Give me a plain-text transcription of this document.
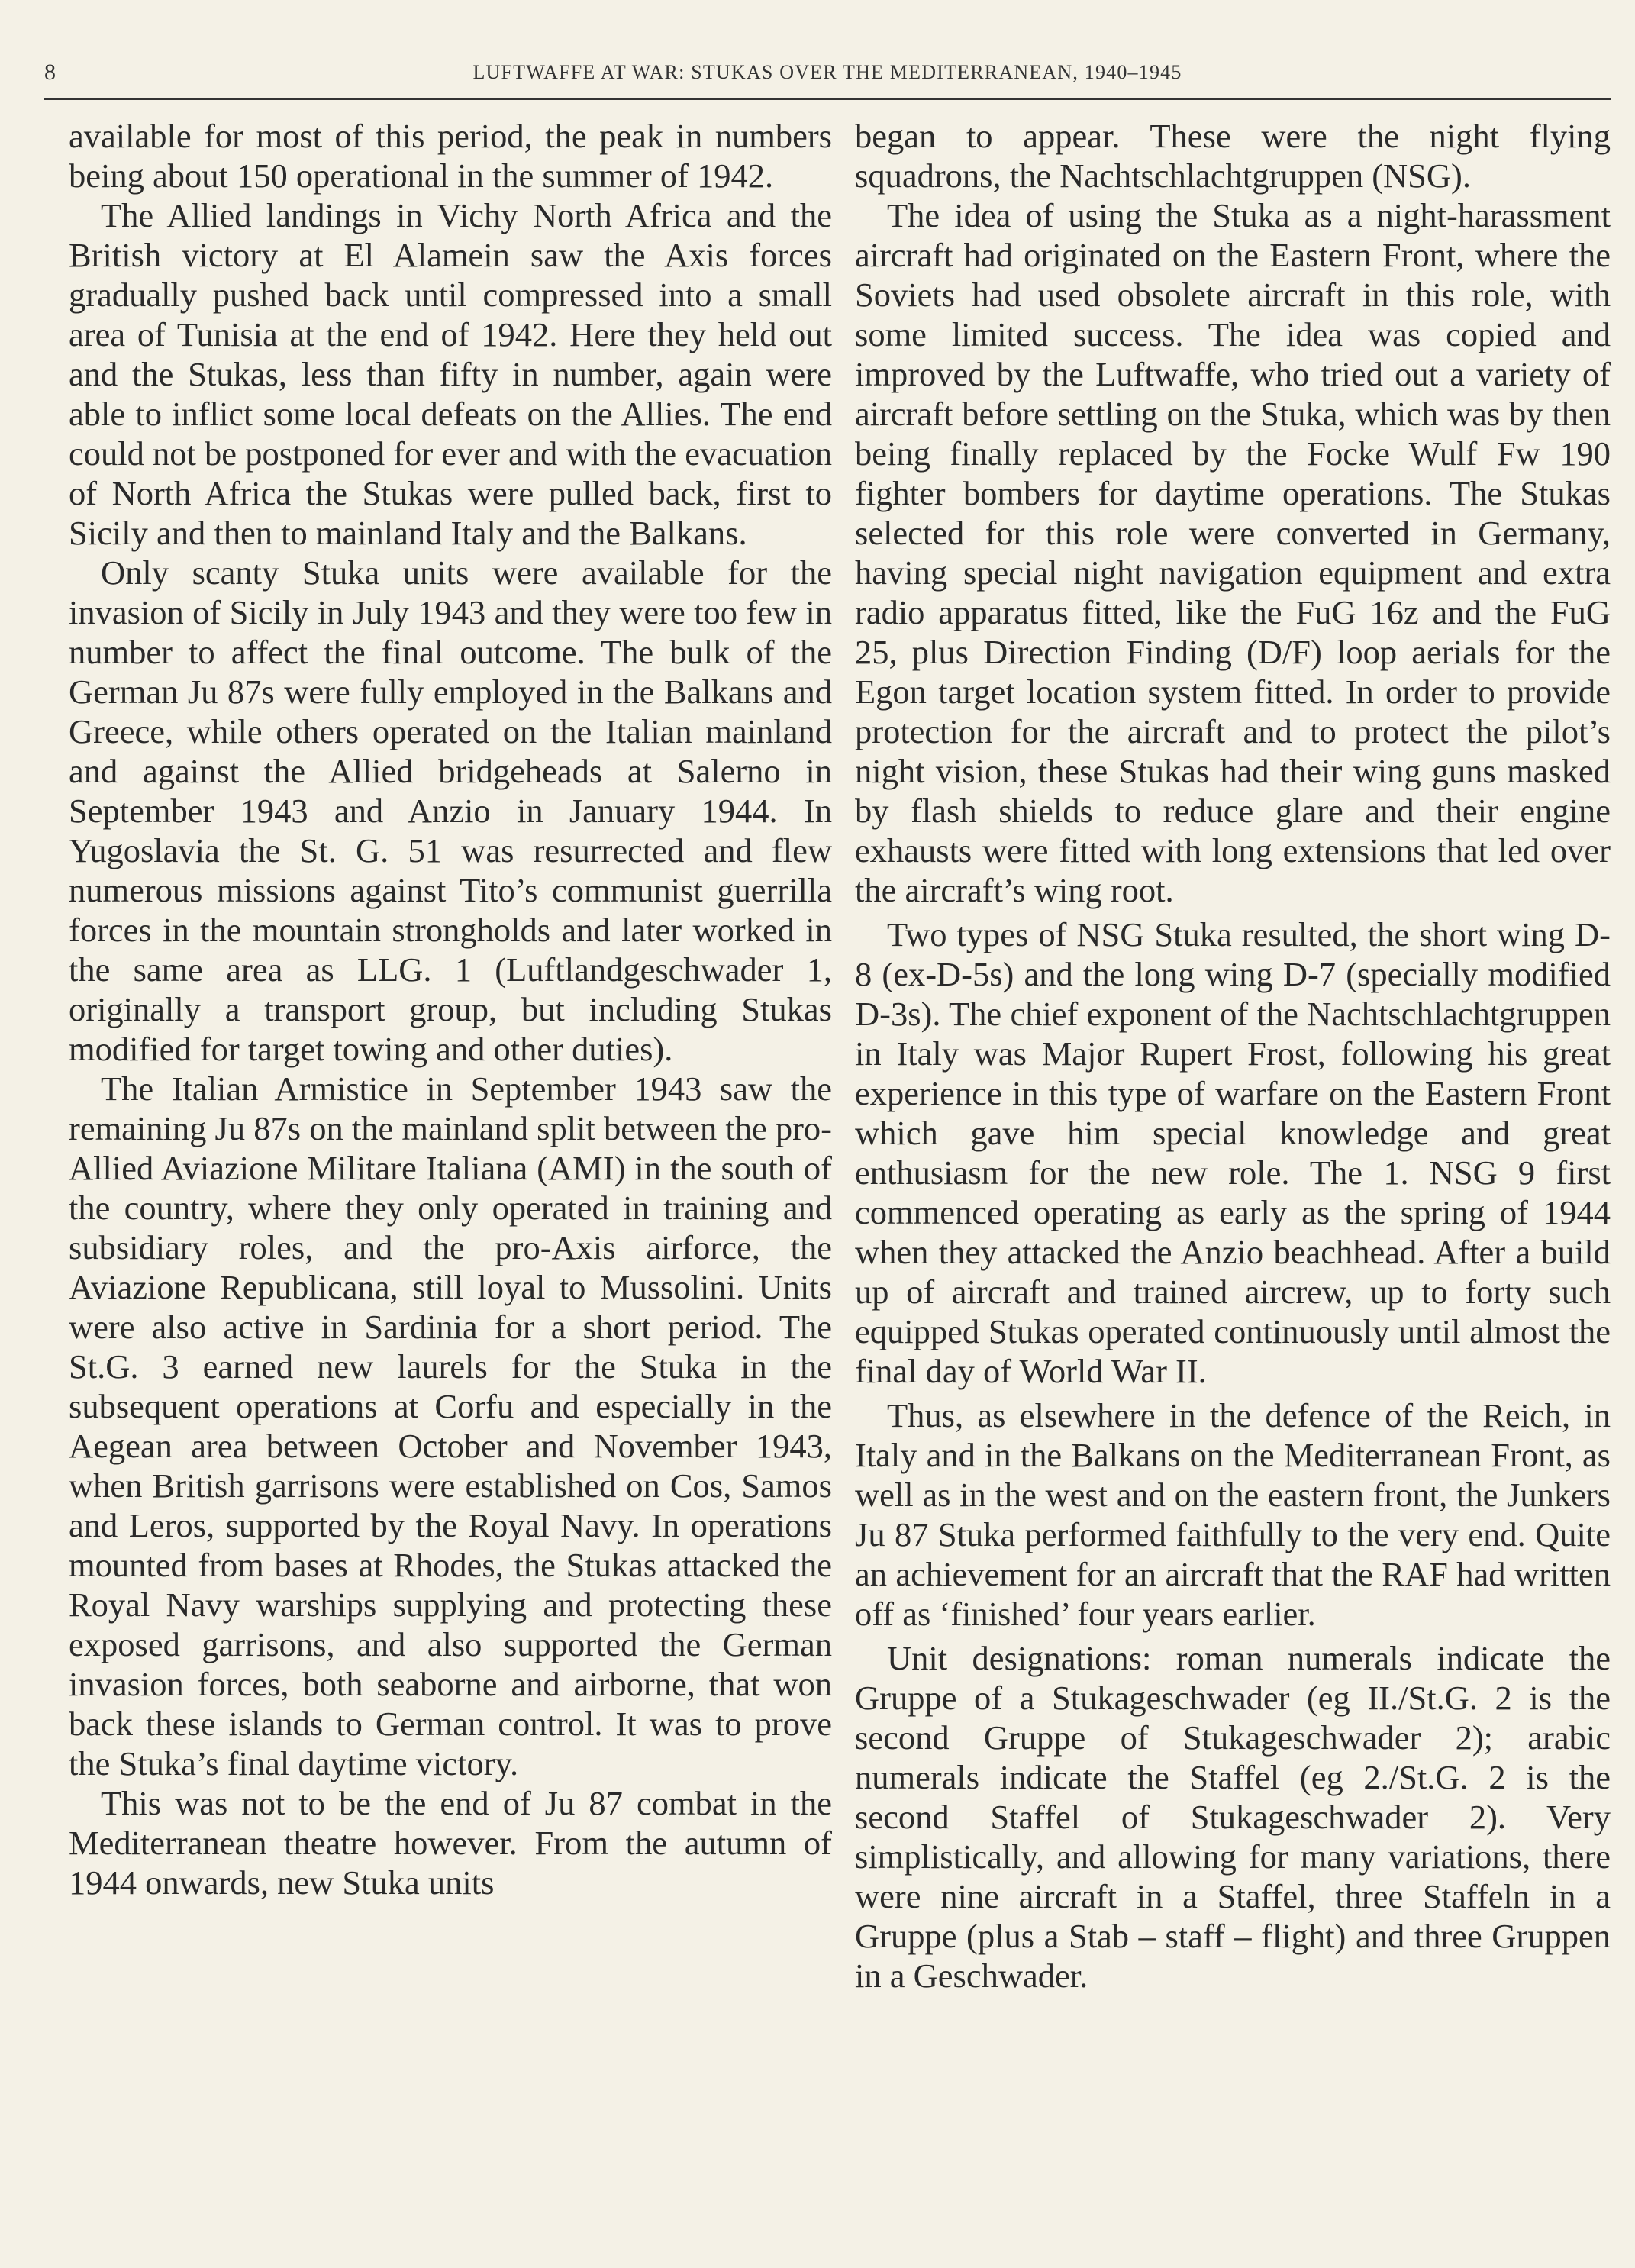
8	LUFTWAFFE AT WAR: STUKAS OVER THE MEDITERRANEAN, 1940–1945

available for most of this period, the peak in numbers being about 150 operational in the summer of 1942.

The Allied landings in Vichy North Africa and the British victory at El Alamein saw the Axis forces gradually pushed back until compressed into a small area of Tunisia at the end of 1942. Here they held out and the Stukas, less than fifty in number, again were able to inflict some local defeats on the Allies. The end could not be postponed for ever and with the evacuation of North Africa the Stukas were pulled back, first to Sicily and then to mainland Italy and the Balkans.

Only scanty Stuka units were available for the invasion of Sicily in July 1943 and they were too few in number to affect the final outcome. The bulk of the German Ju 87s were fully employed in the Balkans and Greece, while others operated on the Italian mainland and against the Allied bridgeheads at Salerno in September 1943 and Anzio in January 1944. In Yugoslavia the St. G. 51 was resurrected and flew numerous missions against Tito’s communist guerrilla forces in the mountain strongholds and later worked in the same area as LLG. 1 (Luftlandgeschwader 1, originally a transport group, but including Stukas modified for target towing and other duties).

The Italian Armistice in September 1943 saw the remaining Ju 87s on the mainland split between the pro-Allied Aviazione Militare Italiana (AMI) in the south of the country, where they only operated in training and subsidiary roles, and the pro-Axis airforce, the Aviazione Republicana, still loyal to Mussolini. Units were also active in Sardinia for a short period. The St.G. 3 earned new laurels for the Stuka in the subsequent operations at Corfu and especially in the Aegean area between October and November 1943, when British garrisons were established on Cos, Samos and Leros, supported by the Royal Navy. In operations mounted from bases at Rhodes, the Stukas attacked the Royal Navy warships supplying and protecting these exposed garrisons, and also supported the German invasion forces, both seaborne and airborne, that won back these islands to German control. It was to prove the Stuka’s final daytime victory.

This was not to be the end of Ju 87 combat in the Mediterranean theatre however. From the autumn of 1944 onwards, new Stuka units

began to appear. These were the night flying squadrons, the Nachtschlachtgruppen (NSG).

The idea of using the Stuka as a night-harassment aircraft had originated on the Eastern Front, where the Soviets had used obsolete aircraft in this role, with some limited success. The idea was copied and improved by the Luftwaffe, who tried out a variety of aircraft before settling on the Stuka, which was by then being finally replaced by the Focke Wulf Fw 190 fighter bombers for daytime operations. The Stukas selected for this role were converted in Germany, having special night navigation equipment and extra radio apparatus fitted, like the FuG 16z and the FuG 25, plus Direction Finding (D/F) loop aerials for the Egon target location system fitted. In order to provide protection for the aircraft and to protect the pilot’s night vision, these Stukas had their wing guns masked by flash shields to reduce glare and their engine exhausts were fitted with long extensions that led over the aircraft’s wing root.

Two types of NSG Stuka resulted, the short wing D-8 (ex-D-5s) and the long wing D-7 (specially modified D-3s). The chief exponent of the Nachtschlachtgruppen in Italy was Major Rupert Frost, following his great experience in this type of warfare on the Eastern Front which gave him special knowledge and great enthusiasm for the new role. The 1. NSG 9 first commenced operating as early as the spring of 1944 when they attacked the Anzio beachhead. After a build up of aircraft and trained aircrew, up to forty such equipped Stukas operated continuously until almost the final day of World War II.

Thus, as elsewhere in the defence of the Reich, in Italy and in the Balkans on the Mediterranean Front, as well as in the west and on the eastern front, the Junkers Ju 87 Stuka performed faithfully to the very end. Quite an achievement for an aircraft that the RAF had written off as ‘finished’ four years earlier.

Unit designations: roman numerals indicate the Gruppe of a Stukageschwader (eg II./St.G. 2 is the second Gruppe of Stukageschwader 2); arabic numerals indicate the Staffel (eg 2./St.G. 2 is the second Staffel of Stukageschwader 2). Very simplistically, and allowing for many variations, there were nine aircraft in a Staffel, three Staffeln in a Gruppe (plus a Stab – staff – flight) and three Gruppen in a Geschwader.
